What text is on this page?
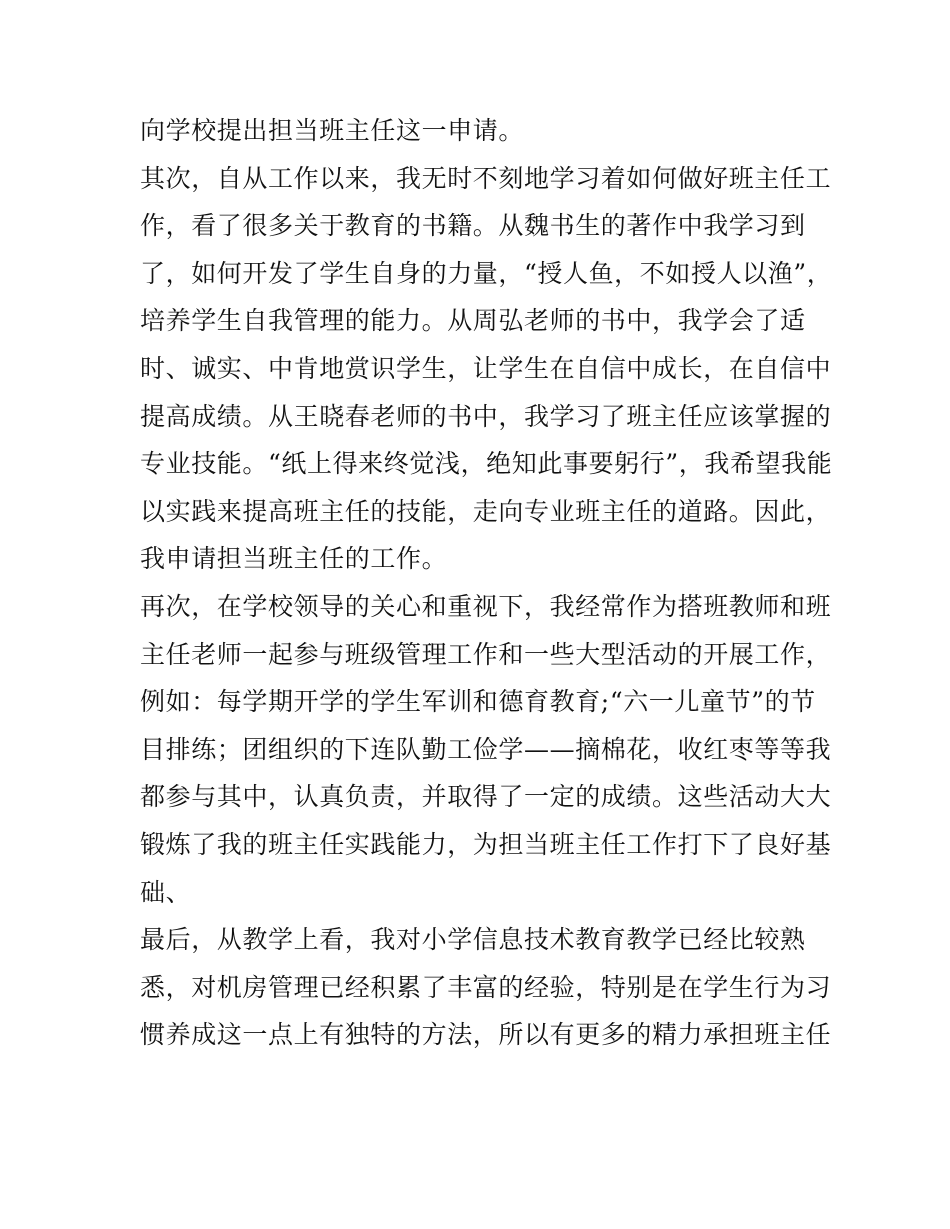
向学校提出担当班主任这一申请。
其次，自从工作以来，我无时不刻地学习着如何做好班主任工
作，看了很多关于教育的书籍。从魏书生的著作中我学习到
了，如何开发了学生自身的力量，“授人鱼，不如授人以渔”，
培养学生自我管理的能力。从周弘老师的书中，我学会了适
时、诚实、中肯地赏识学生，让学生在自信中成长，在自信中
提高成绩。从王晓春老师的书中，我学习了班主任应该掌握的
专业技能。“纸上得来终觉浅，绝知此事要躬行”，我希望我能
以实践来提高班主任的技能，走向专业班主任的道路。因此，
我申请担当班主任的工作。
再次，在学校领导的关心和重视下，我经常作为搭班教师和班
主任老师一起参与班级管理工作和一些大型活动的开展工作，
例如：每学期开学的学生军训和德育教育;“六一儿童节”的节
目排练；团组织的下连队勤工俭学——摘棉花，收红枣等等我
都参与其中，认真负责，并取得了一定的成绩。这些活动大大
锻炼了我的班主任实践能力，为担当班主任工作打下了良好基
础、
最后，从教学上看，我对小学信息技术教育教学已经比较熟
悉，对机房管理已经积累了丰富的经验，特别是在学生行为习
惯养成这一点上有独特的方法，所以有更多的精力承担班主任
